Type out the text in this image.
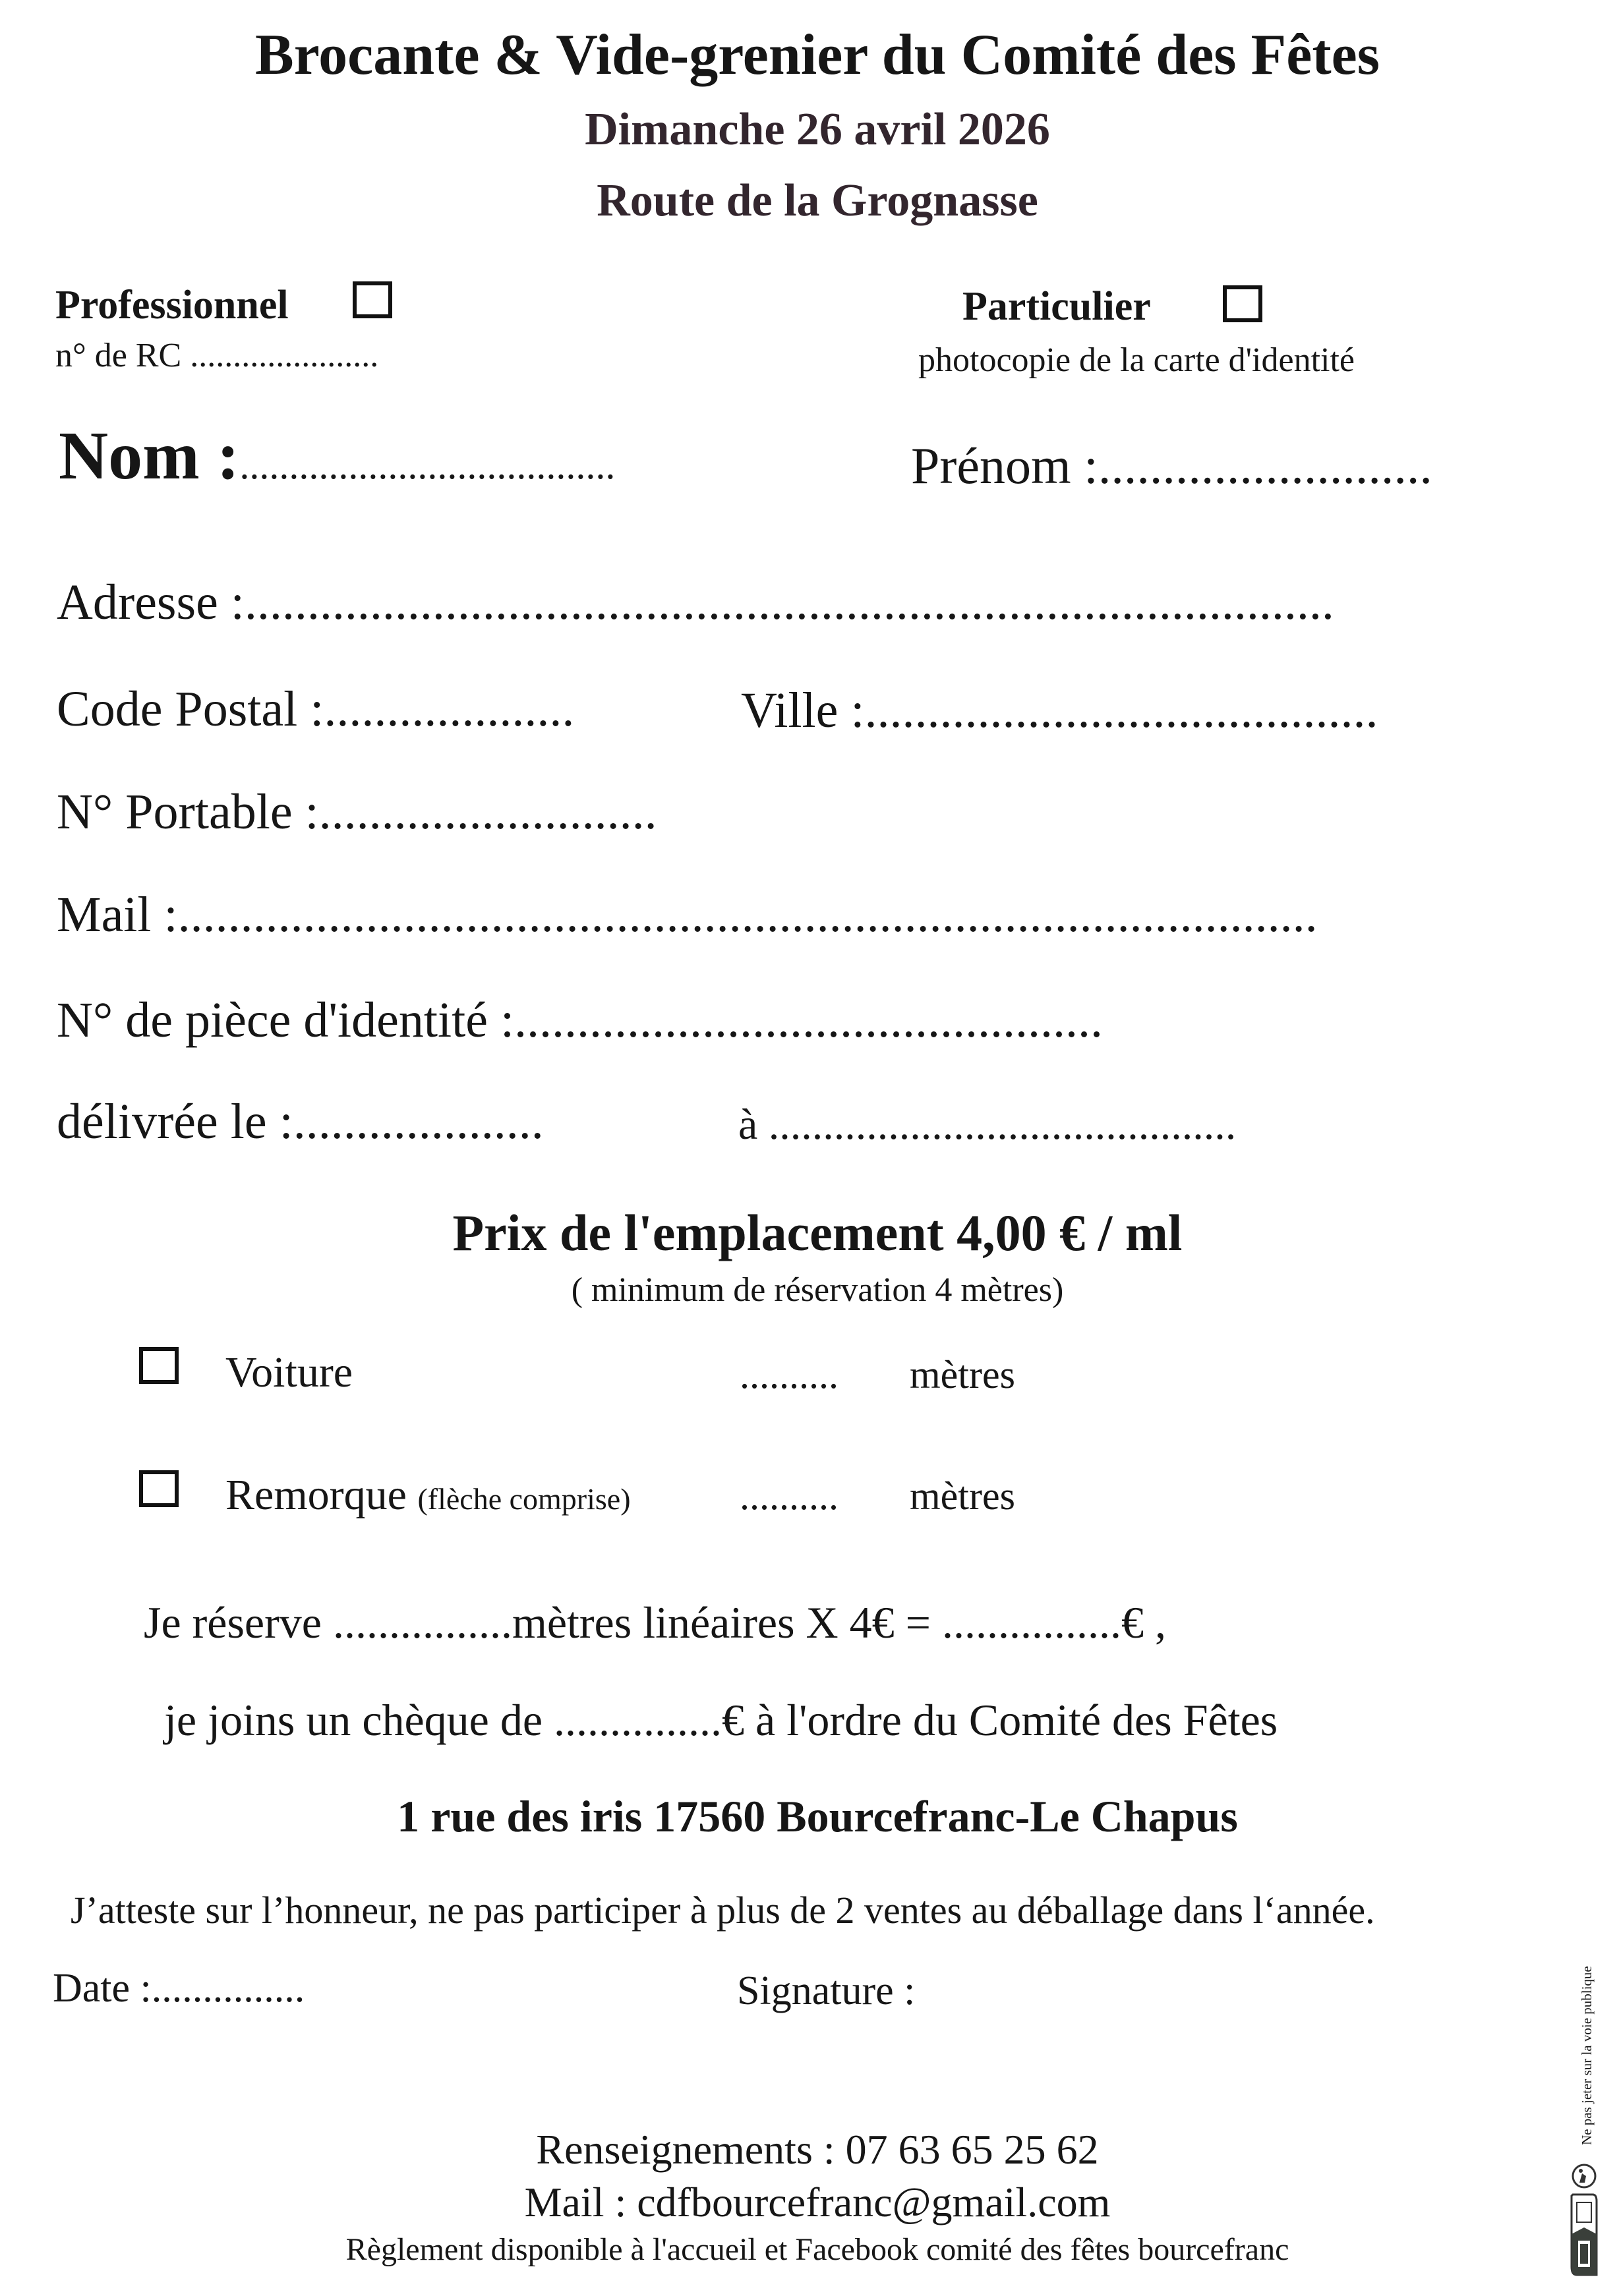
Brocante & Vide-grenier du Comité des Fêtes
Dimanche 26 avril 2026
Route de la Grognasse
Professionnel
n° de RC ......................
Particulier
photocopie de la carte d'identité
Nom :......................................	Prénom :..........................
Adresse :.......................................................................................
Code Postal :....................	Ville :.........................................
N° Portable :...........................
Mail :...........................................................................................
N° de pièce d'identité :...............................................
délivrée le :....................	à ...........................................
Prix de l'emplacement 4,00 € / ml
( minimum de réservation 4 mètres)
Voiture	.......... mètres
Remorque (flèche comprise)	.......... mètres
Je réserve ................mètres linéaires X 4€ = ................€ ,
je joins un chèque de ...............€ à l'ordre du Comité des Fêtes
1 rue des iris 17560 Bourcefranc-Le Chapus
J’atteste sur l’honneur, ne pas participer à plus de 2 ventes au déballage dans l‘année.
Date :...............	Signature :
Renseignements : 07 63 65 25 62
Mail : cdfbourcefranc@gmail.com
Règlement disponible à l'accueil et Facebook comité des fêtes bourcefranc
Ne pas jeter sur la voie publique
